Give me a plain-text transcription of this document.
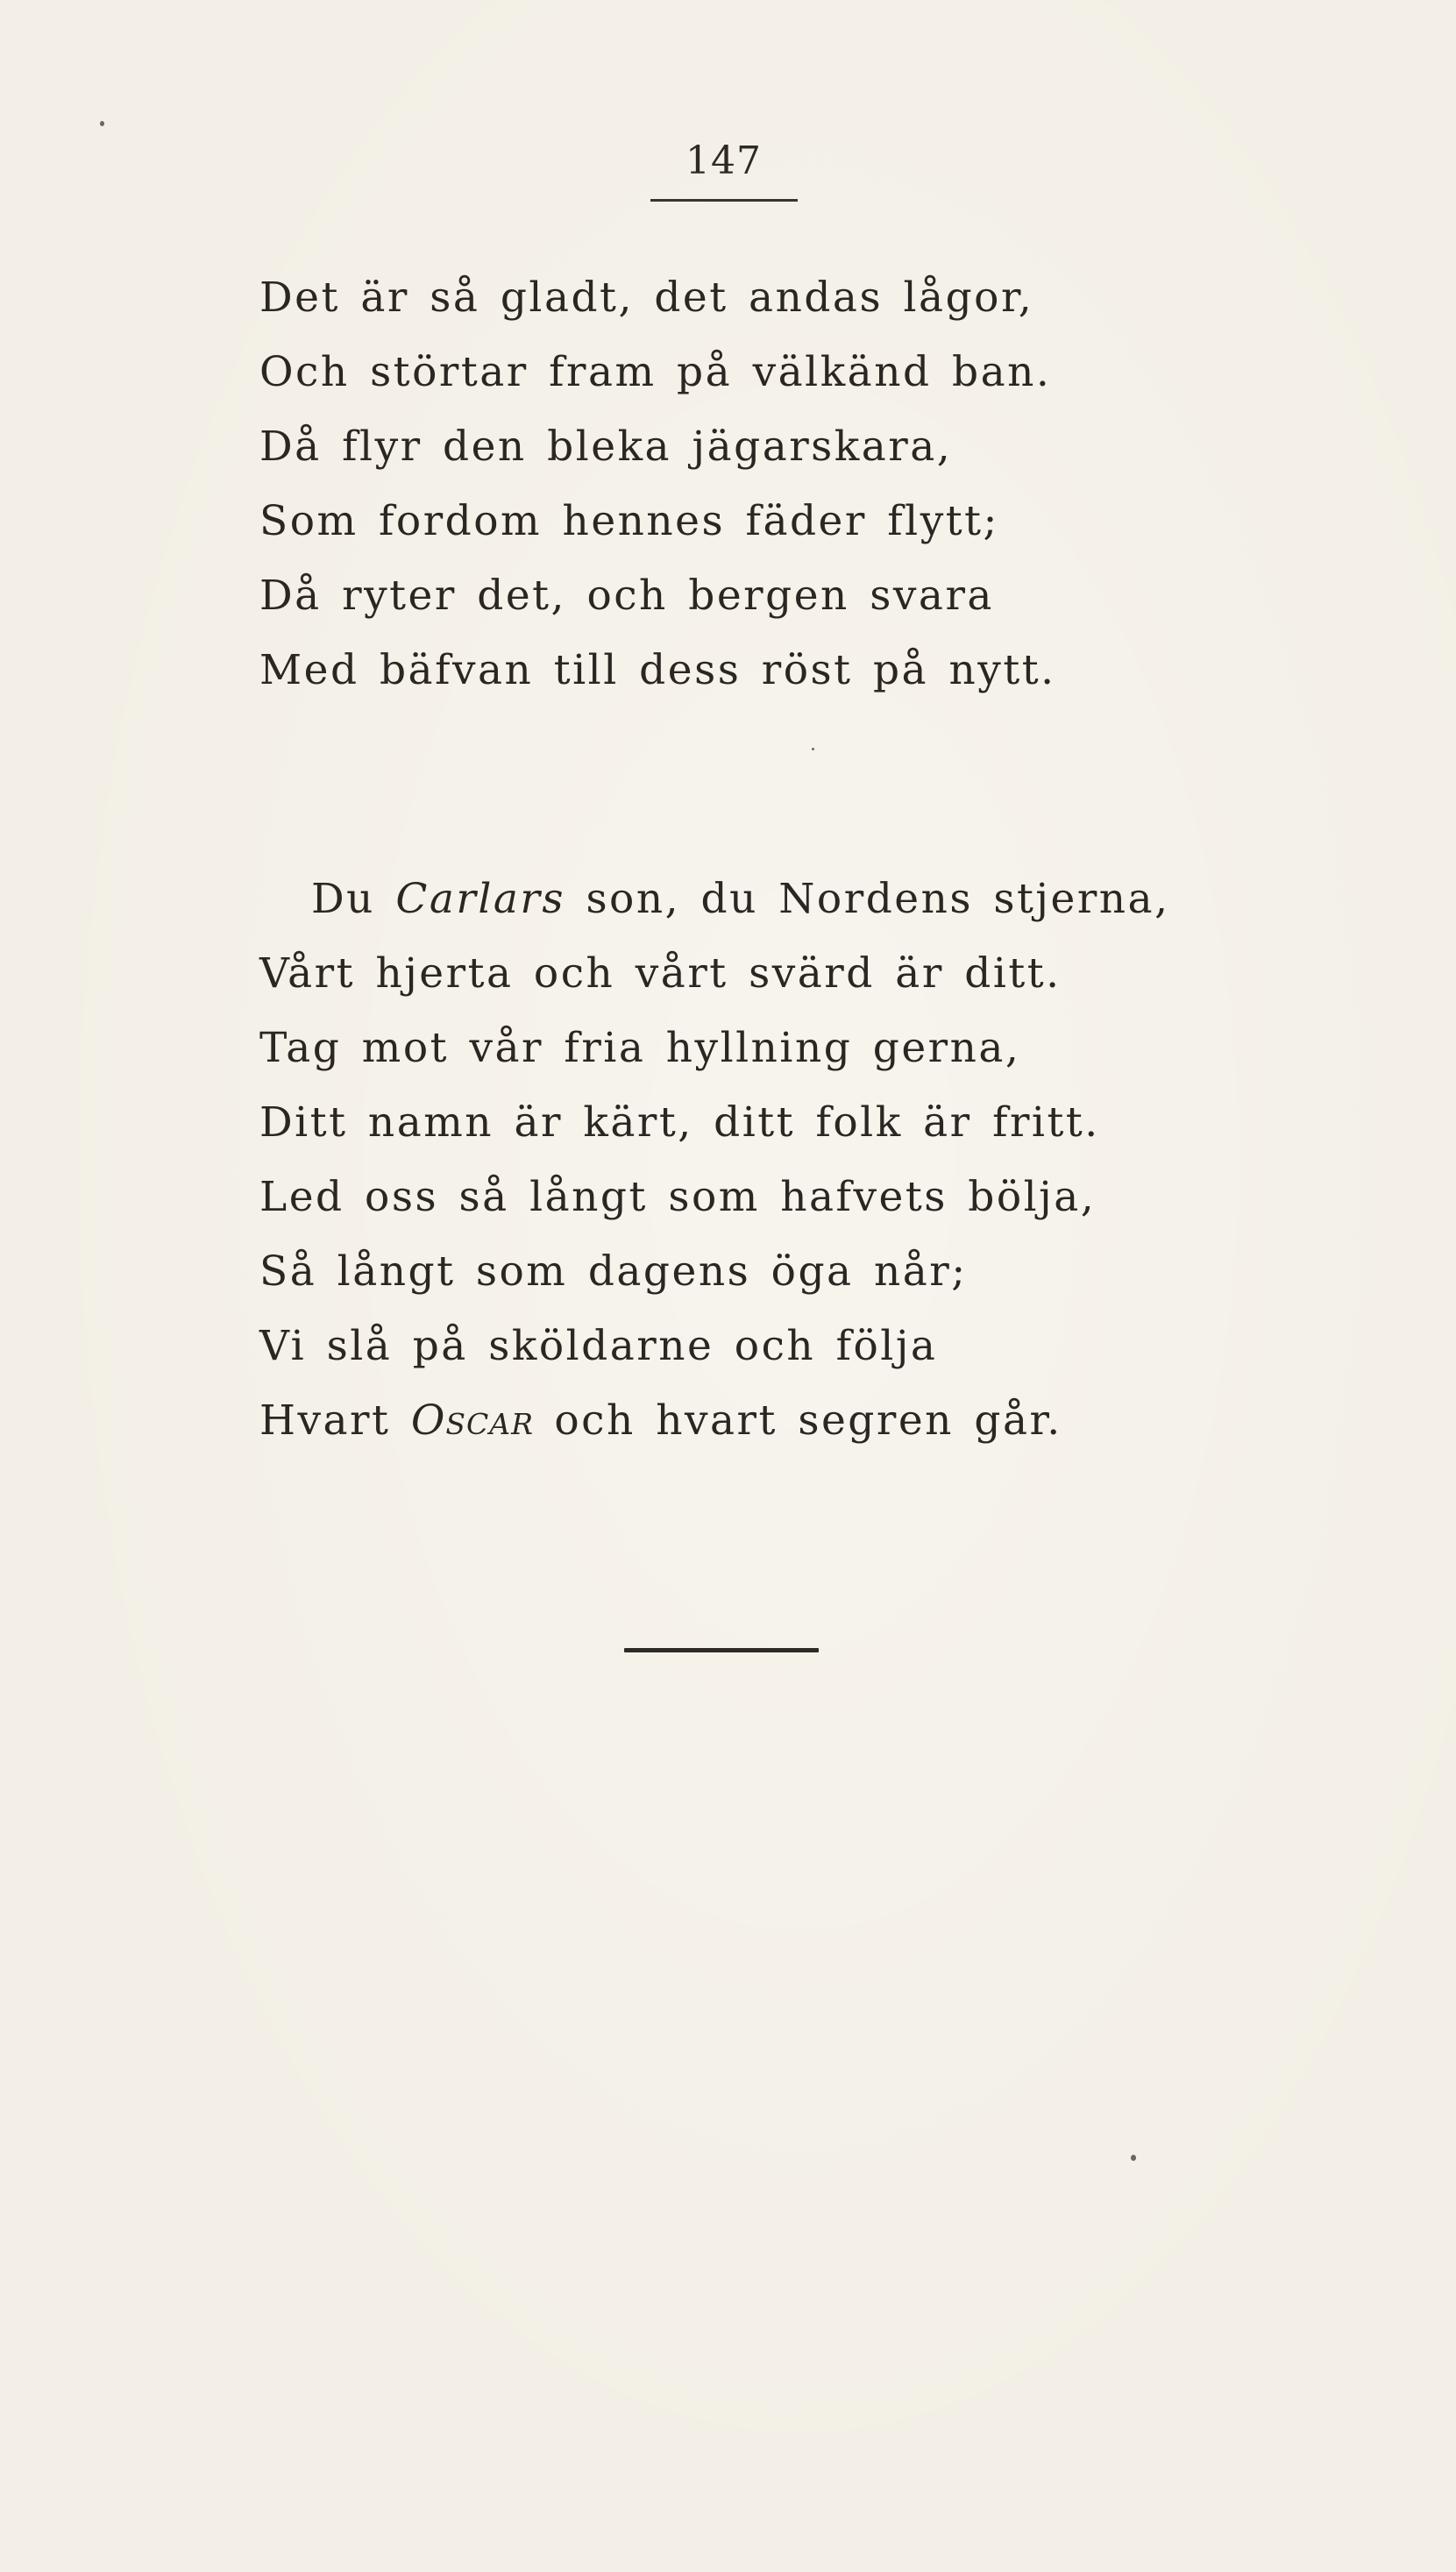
147
Det är så gladt, det andas lågor,
Och störtar fram på välkänd ban.
Då flyr den bleka jägarskara,
Som fordom hennes fäder flytt;
Då ryter det, och bergen svara
Med bäfvan till dess röst på nytt.
Du Carlars son, du Nordens stjerna,
Vårt hjerta och vårt svärd är ditt.
Tag mot vår fria hyllning gerna,
Ditt namn är kärt, ditt folk är fritt.
Led oss så långt som hafvets bölja,
Så långt som dagens öga når;
Vi slå på sköldarne och följa
Hvart Oscar och hvart segren går.
